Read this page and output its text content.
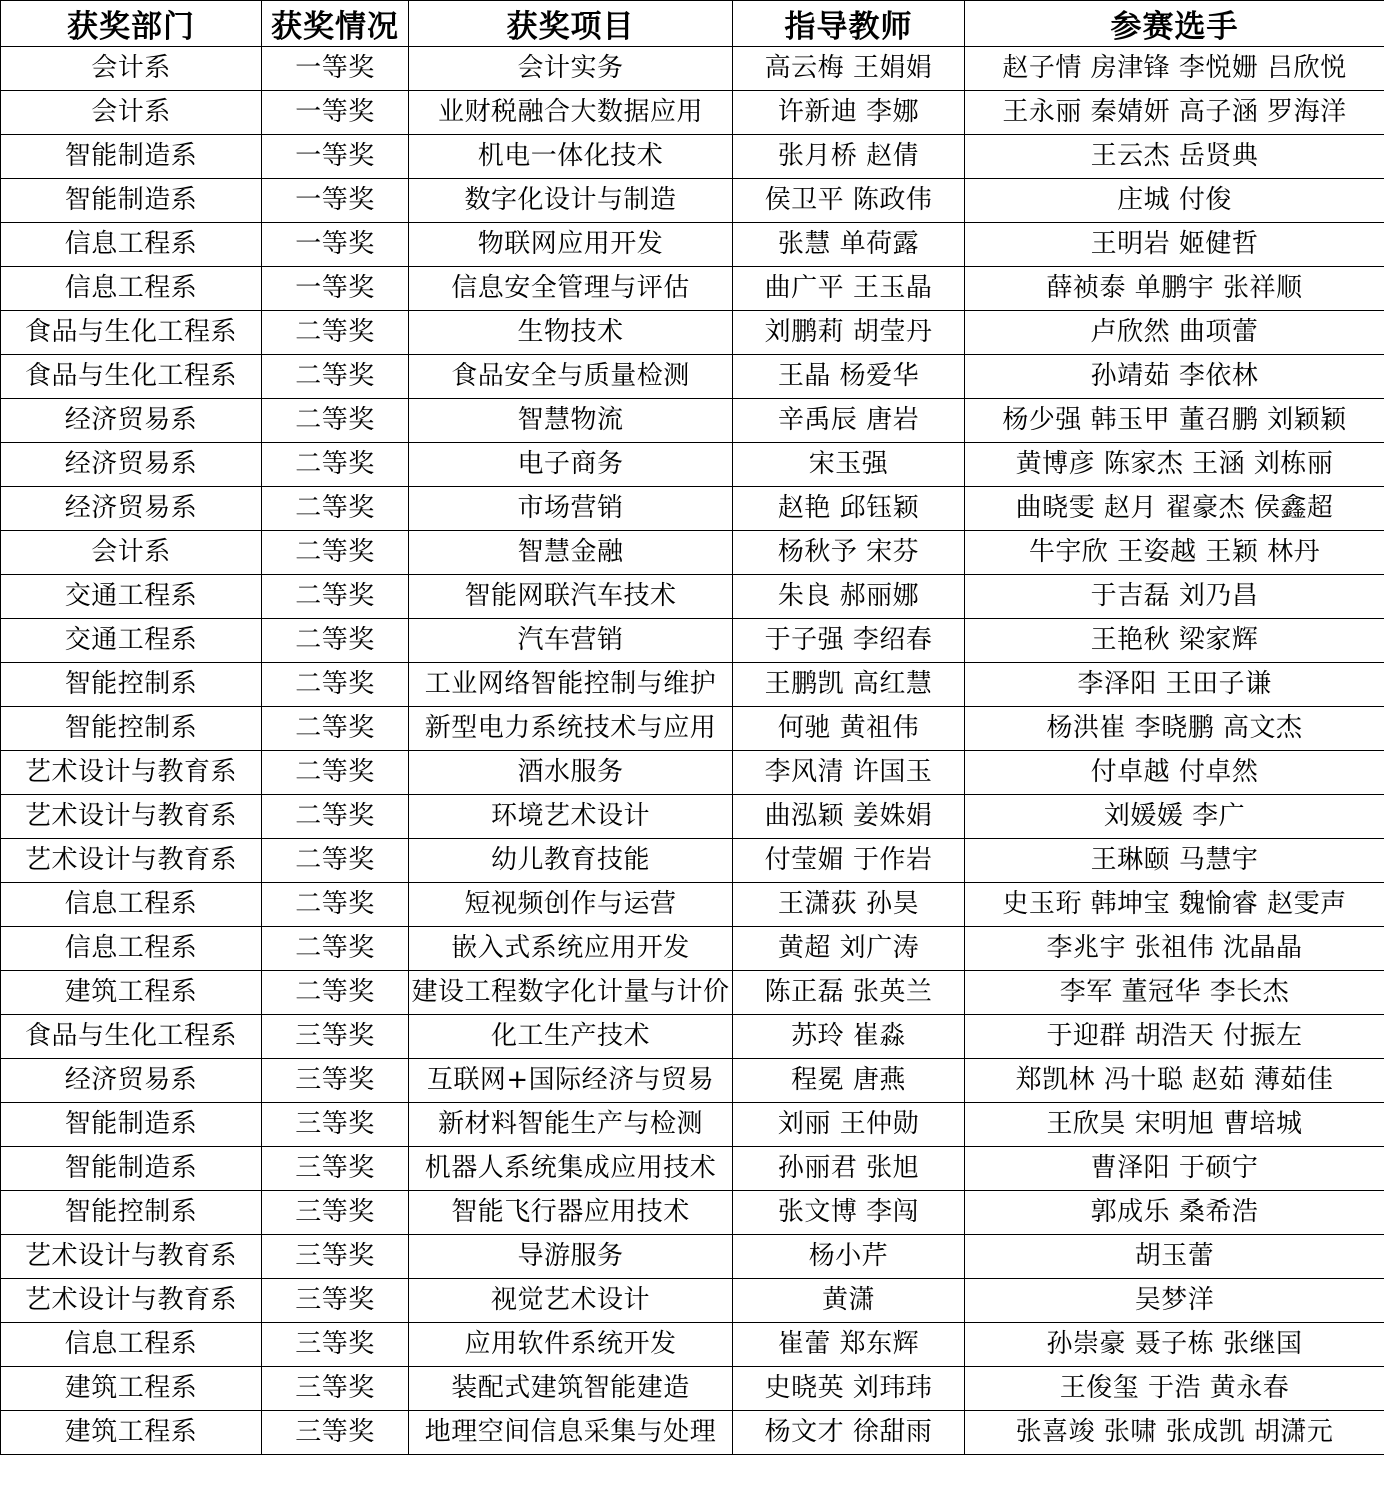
获奖部门	获奖情况	获奖项目	指导教师	参赛选手

会计系	一等奖	会计实务	高云梅 王娟娟	赵子情 房津锋 李悦姗 吕欣悦

会计系	一等奖	业财税融合大数据应用	许新迪 李娜	王永丽 秦婧妍 高子涵 罗海洋

智能制造系	一等奖	机电一体化技术	张月桥 赵倩	王云杰 岳贤典

智能制造系	一等奖	数字化设计与制造	侯卫平 陈政伟	庄城 付俊

信息工程系	一等奖	物联网应用开发	张慧 单荷露	王明岩 姬健哲

信息工程系	一等奖	信息安全管理与评估	曲广平 王玉晶	薛祯泰 单鹏宇 张祥顺

食品与生化工程系	二等奖	生物技术	刘鹏莉 胡莹丹	卢欣然 曲项蕾

食品与生化工程系	二等奖	食品安全与质量检测	王晶 杨爱华	孙靖茹 李依林

经济贸易系	二等奖	智慧物流	辛禹辰 唐岩	杨少强 韩玉甲 董召鹏 刘颖颖

经济贸易系	二等奖	电子商务	宋玉强	黄博彦 陈家杰 王涵 刘栋丽

经济贸易系	二等奖	市场营销	赵艳 邱钰颖	曲晓雯 赵月 翟豪杰 侯鑫超

会计系	二等奖	智慧金融	杨秋予 宋芬	牛宇欣 王姿越 王颖 林丹

交通工程系	二等奖	智能网联汽车技术	朱良 郝丽娜	于吉磊 刘乃昌

交通工程系	二等奖	汽车营销	于子强 李绍春	王艳秋 梁家辉

智能控制系	二等奖	工业网络智能控制与维护	王鹏凯 高红慧	李泽阳 王田子谦

智能控制系	二等奖	新型电力系统技术与应用	何驰 黄祖伟	杨洪崔 李晓鹏 高文杰

艺术设计与教育系	二等奖	酒水服务	李风清 许国玉	付卓越 付卓然

艺术设计与教育系	二等奖	环境艺术设计	曲泓颖 姜姝娟	刘媛媛 李广

艺术设计与教育系	二等奖	幼儿教育技能	付莹媚 于作岩	王琳颐 马慧宇

信息工程系	二等奖	短视频创作与运营	王潇荻 孙昊	史玉珩 韩坤宝 魏愉睿 赵雯声

信息工程系	二等奖	嵌入式系统应用开发	黄超 刘广涛	李兆宇 张祖伟 沈晶晶

建筑工程系	二等奖	建设工程数字化计量与计价	陈正磊 张英兰	李军 董冠华 李长杰

食品与生化工程系	三等奖	化工生产技术	苏玲 崔淼	于迎群 胡浩天 付振左

经济贸易系	三等奖	互联网+国际经济与贸易	程冕 唐燕	郑凯林 冯十聪 赵茹 薄茹佳

智能制造系	三等奖	新材料智能生产与检测	刘丽 王仲勋	王欣昊 宋明旭 曹培城

智能制造系	三等奖	机器人系统集成应用技术	孙丽君 张旭	曹泽阳 于硕宁

智能控制系	三等奖	智能飞行器应用技术	张文博 李闯	郭成乐 桑希浩

艺术设计与教育系	三等奖	导游服务	杨小芹	胡玉蕾

艺术设计与教育系	三等奖	视觉艺术设计	黄潇	吴梦洋

信息工程系	三等奖	应用软件系统开发	崔蕾 郑东辉	孙崇豪 聂子栋 张继国

建筑工程系	三等奖	装配式建筑智能建造	史晓英 刘玮玮	王俊玺 于浩 黄永春

建筑工程系	三等奖	地理空间信息采集与处理	杨文才 徐甜雨	张喜竣 张啸 张成凯 胡潇元
